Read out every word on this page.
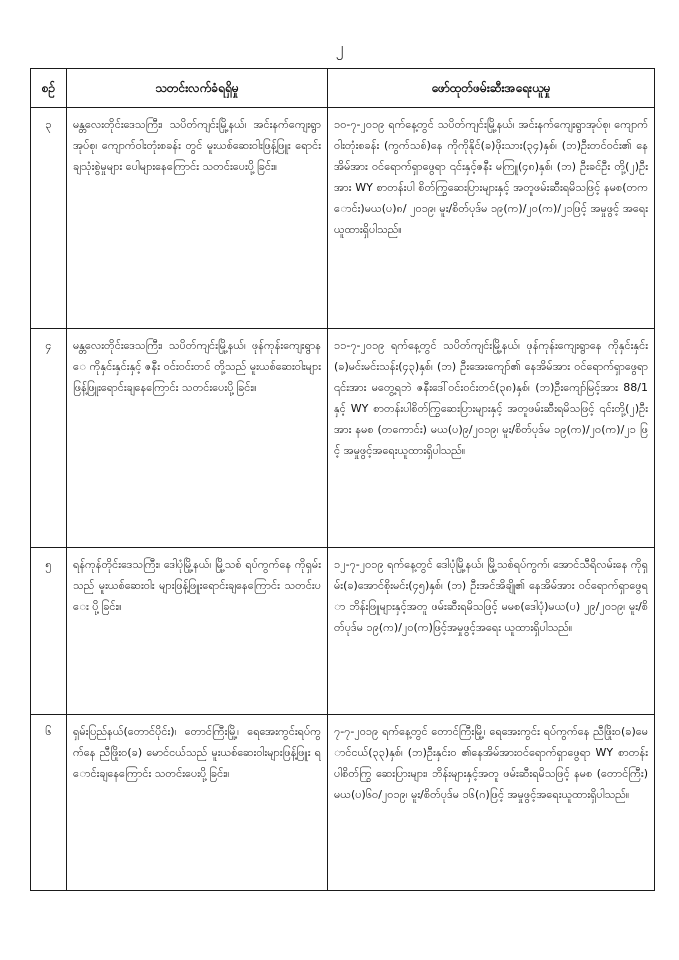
၂
စဉ်	သတင်းလက်ခံရရှိမှု	ဖော်ထုတ်ဖမ်းဆီးအရေးယူမှု
၃	မန္တလေးတိုင်းဒေသကြီး၊ သပိတ်ကျင်းမြို့နယ်၊ အင်းနက်ကျေးရွာအုပ်စု၊ ကျောက်ဝါးတုံးစခန်း တွင် မူးယစ်ဆေးဝါးဖြန့်ဖြူး ရောင်းချသုံးစွဲမှုများ ပေါများနေကြောင်း သတင်းပေးပို့ခြင်း။	၁၀-၇-၂၀၁၉ ရက်နေ့တွင် သပိတ်ကျင်းမြို့နယ်၊ အင်းနက်ကျေးရွာအုပ်စု၊ ကျောက်ဝါးတုံးစခန်း (ကွက်သစ်)နေ ကိုကိုနိုင်(ခ)ဖိုးသား(၃၄)နှစ်၊ (ဘ)ဦးတင်ဝင်း၏ နေအိမ်အား ဝင်ရောက်ရှာဖွေရာ ၎င်းနှင့်ဇနီး မကြူ(၄၈)နှစ်၊ (ဘ) ဦးခင်ဦး တို့(၂)ဦးအား WY စာတန်းပါ စိတ်ကြွဆေးပြားများနှင့် အတူဖမ်းဆီးရမိသဖြင့် နမစ(တကောင်း)မယ(ပ)၈/ ၂၀၁၉၊ မူး/စိတ်ပုဒ်မ ၁၉(က)/၂၀(က)/၂၁ဖြင့် အမှုဖွင့် အရေးယူထားရှိပါသည်။
၄	မန္တလေးတိုင်းဒေသကြီး၊ သပိတ်ကျင်းမြို့နယ်၊ ဖုန်ကုန်းကျေးရွာနေ ကိုနှင်းနှင်းနှင့် ဇနီး ဝင်းဝင်းတင် တို့သည် မူးယစ်ဆေးဝါးများ ဖြန့်ဖြူးရောင်းချနေကြောင်း သတင်းပေးပို့ခြင်း။	၁၁-၇-၂၀၁၉ ရက်နေ့တွင် သပိတ်ကျင်းမြို့နယ်၊ ဖုန်ကုန်းကျေးရွာနေ ကိုနှင်းနှင်း(ခ)မင်းမင်းသန်း(၄၃)နှစ်၊ (ဘ) ဦးအေးကျော်၏ နေအိမ်အား ဝင်ရောက်ရှာဖွေရာ၎င်းအား မတွေ့ရဘဲ ဇနီးဒေါ်ဝင်းဝင်းတင်(၃၈)နှစ်၊ (ဘ)ဦးကျော်မြင့်အား 88/1 နှင့် WY စာတန်းပါစိတ်ကြွဆေးပြားများနှင့် အတူဖမ်းဆီးရမိသဖြင့် ၎င်းတို့(၂)ဦးအား နမစ (တကောင်း) မယ(ပ)၉/၂၀၁၉၊ မူး/စိတ်ပုဒ်မ ၁၉(က)/၂၀(က)/၂၁ ဖြင့် အမှုဖွင့်အရေးယူထားရှိပါသည်။
၅	ရန်ကုန်တိုင်းဒေသကြီး၊ ဒေါပုံမြို့နယ်၊ မြို့သစ် ရပ်ကွက်နေ ကိုရှမ်းသည် မူးယစ်ဆေးဝါး များဖြန့်ဖြူးရောင်းချနေကြောင်း သတင်းပေး ပို့ခြင်း။	၁၂-၇-၂၀၁၉ ရက်နေ့တွင် ဒေါပုံမြို့နယ်၊ မြို့သစ်ရပ်ကွက်၊ အောင်သီရိလမ်းနေ ကိုရှမ်း(ခ)အောင်စိုးမင်း(၄၅)နှစ်၊ (ဘ) ဦးအင်အိချို၏ နေအိမ်အား ဝင်ရောက်ရှာဖွေရာ ဘိန်းဖြူများနှင့်အတူ ဖမ်းဆီးရမိသဖြင့် မမစ(ဒေါပုံ)မယ(ပ) ၂၉/၂၀၁၉၊ မူး/စိတ်ပုဒ်မ ၁၉(က)/၂၀(က)ဖြင့်အမှုဖွင့်အရေး ယူထားရှိပါသည်။
၆	ရှမ်းပြည်နယ်(တောင်ပိုင်း)၊ တောင်ကြီးမြို့၊ ရေအေးကွင်းရပ်ကွက်နေ ညီဖြိုး၀(ခ) မောင်ငယ်သည် မူးယစ်ဆေးဝါးများဖြန့်ဖြူး ရောင်းချနေကြောင်း သတင်းပေးပို့ခြင်း။	၇-၇-၂၀၁၉ ရက်နေ့တွင် တောင်ကြီးမြို့၊ ရေအေးကွင်း ရပ်ကွက်နေ ညီဖြိုး၀(ခ)မောင်ငယ်(၃၃)နှစ်၊ (ဘ)ဦးနှင်း၀ ၏နေအိမ်အားဝင်ရောက်ရှာဖွေရာ WY စာတန်းပါစိတ်ကြွ ဆေးပြားများ၊ ဘိန်းများနှင့်အတူ ဖမ်းဆီးရမိသဖြင့် နမစ (တောင်ကြီး)မယ(ပ)၆၀/၂၀၁၉၊ မူး/စိတ်ပုဒ်မ ၁၆(ဂ)ဖြင့် အမှုဖွင့်အရေးယူထားရှိပါသည်။
